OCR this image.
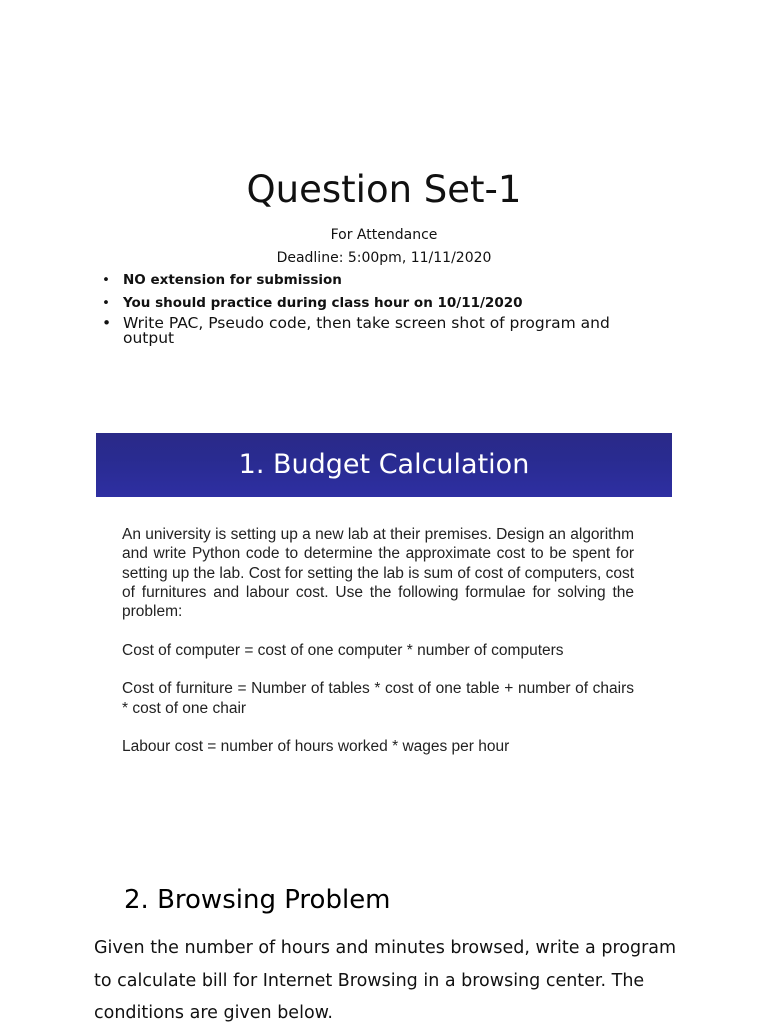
Question Set-1

For Attendance

Deadline: 5:00pm, 11/11/2020

• NO extension for submission
• You should practice during class hour on 10/11/2020
• Write PAC, Pseudo code, then take screen shot of program and output
1. Budget Calculation

An university is setting up a new lab at their premises. Design an algorithm and write Python code to determine the approximate cost to be spent for setting up the lab. Cost for setting the lab is sum of cost of computers, cost of furnitures and labour cost. Use the following formulae for solving the problem:

Cost of computer = cost of one computer * number of computers

Cost of furniture = Number of tables * cost of one table + number of chairs * cost of one chair

Labour cost = number of hours worked * wages per hour

2. Browsing Problem

Given the number of hours and minutes browsed, write a program to calculate bill for Internet Browsing in a browsing center. The conditions are given below.
